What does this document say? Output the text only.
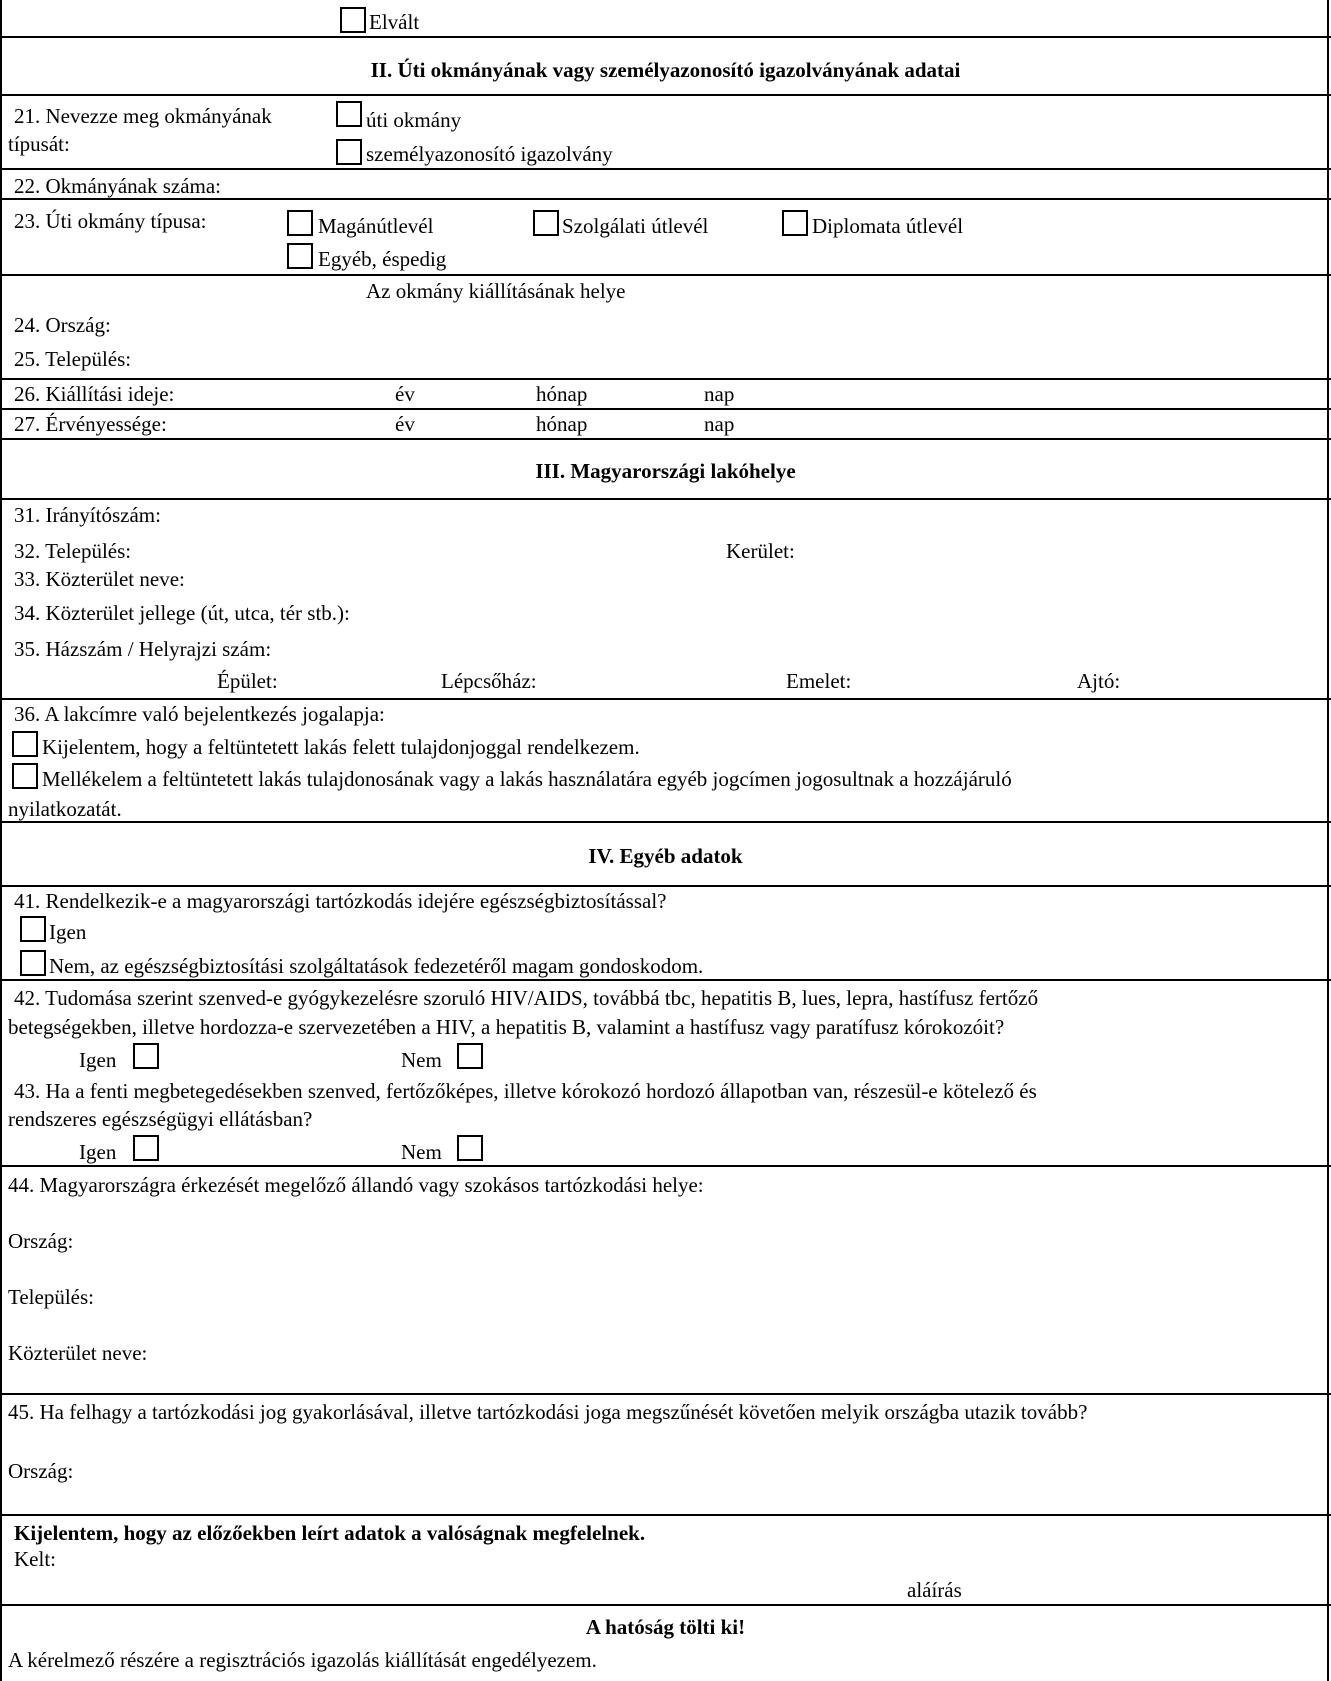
Elvált
II. Úti okmányának vagy személyazonosító igazolványának adatai
21. Nevezze meg okmányának
típusát:
úti okmány
személyazonosító igazolvány
22. Okmányának száma:
23. Úti okmány típusa:	Magánútlevél	Szolgálati útlevél	Diplomata útlevél
Egyéb, éspedig
Az okmány kiállításának helye
24. Ország:
25. Település:
26. Kiállítási ideje:	év	hónap	nap
27. Érvényessége:	év	hónap	nap
III. Magyarországi lakóhelye
31. Irányítószám:
32. Település:	Kerület:
33. Közterület neve:
34. Közterület jellege (út, utca, tér stb.):
35. Házszám / Helyrajzi szám:
Épület:	Lépcsőház:	Emelet:	Ajtó:
36. A lakcímre való bejelentkezés jogalapja:
Kijelentem, hogy a feltüntetett lakás felett tulajdonjoggal rendelkezem.
Mellékelem a feltüntetett lakás tulajdonosának vagy a lakás használatára egyéb jogcímen jogosultnak a hozzájáruló
nyilatkozatát.
IV. Egyéb adatok
41. Rendelkezik-e a magyarországi tartózkodás idejére egészségbiztosítással?
Igen
Nem, az egészségbiztosítási szolgáltatások fedezetéről magam gondoskodom.
42. Tudomása szerint szenved-e gyógykezelésre szoruló HIV/AIDS, továbbá tbc, hepatitis B, lues, lepra, hastífusz fertőző
betegségekben, illetve hordozza-e szervezetében a HIV, a hepatitis B, valamint a hastífusz vagy paratífusz kórokozóit?
Igen	Nem
43. Ha a fenti megbetegedésekben szenved, fertőzőképes, illetve kórokozó hordozó állapotban van, részesül-e kötelező és
rendszeres egészségügyi ellátásban?
Igen	Nem
44. Magyarországra érkezését megelőző állandó vagy szokásos tartózkodási helye:
Ország:
Település:
Közterület neve:
45. Ha felhagy a tartózkodási jog gyakorlásával, illetve tartózkodási joga megszűnését követően melyik országba utazik tovább?
Ország:
Kijelentem, hogy az előzőekben leírt adatok a valóságnak megfelelnek.
Kelt:
aláírás
A hatóság tölti ki!
A kérelmező részére a regisztrációs igazolás kiállítását engedélyezem.
